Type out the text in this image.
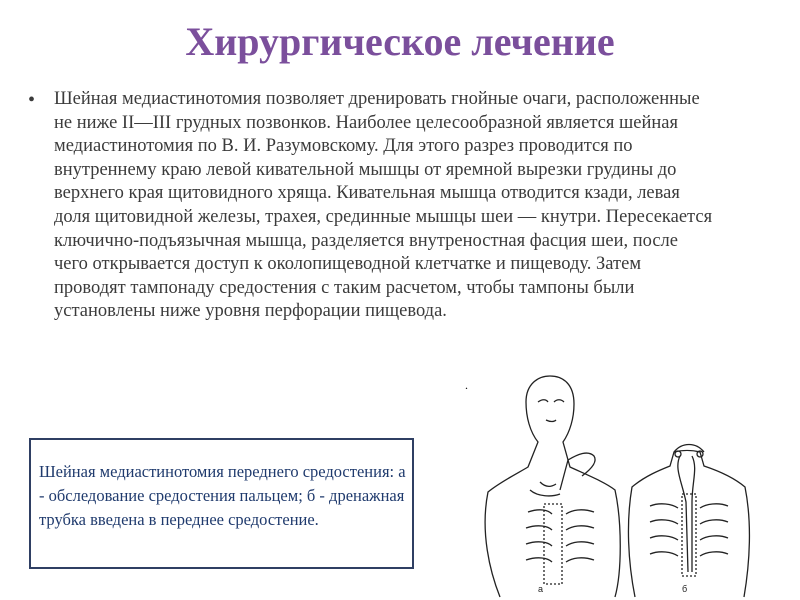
Хирургическое лечение
• Шейная медиастинотомия позволяет дренировать гнойные очаги, расположенные не ниже II—III грудных позвонков. Наиболее целесообразной является шейная медиастинотомия по В. И. Разумовскому. Для этого разрез проводится по внутреннему краю левой кивательной мышцы от яремной вырезки грудины до верхнего края щитовидного хряща. Кивательная мышца отводится кзади, левая доля щитовидной железы, трахея, срединные мышцы шеи — кнутри. Пересекается ключично-подъязычная мышца, разделяется внутреностная фасция шеи, после чего открывается доступ к околопищеводной клетчатке и пищеводу. Затем проводят тампонаду средостения с таким расчетом, чтобы тампоны были установлены ниже уровня перфорации пищевода.
.
Шейная медиастинотомия переднего средостения: а - обследование средостения пальцем; б - дренажная трубка введена в переднее средостение.
а	б
